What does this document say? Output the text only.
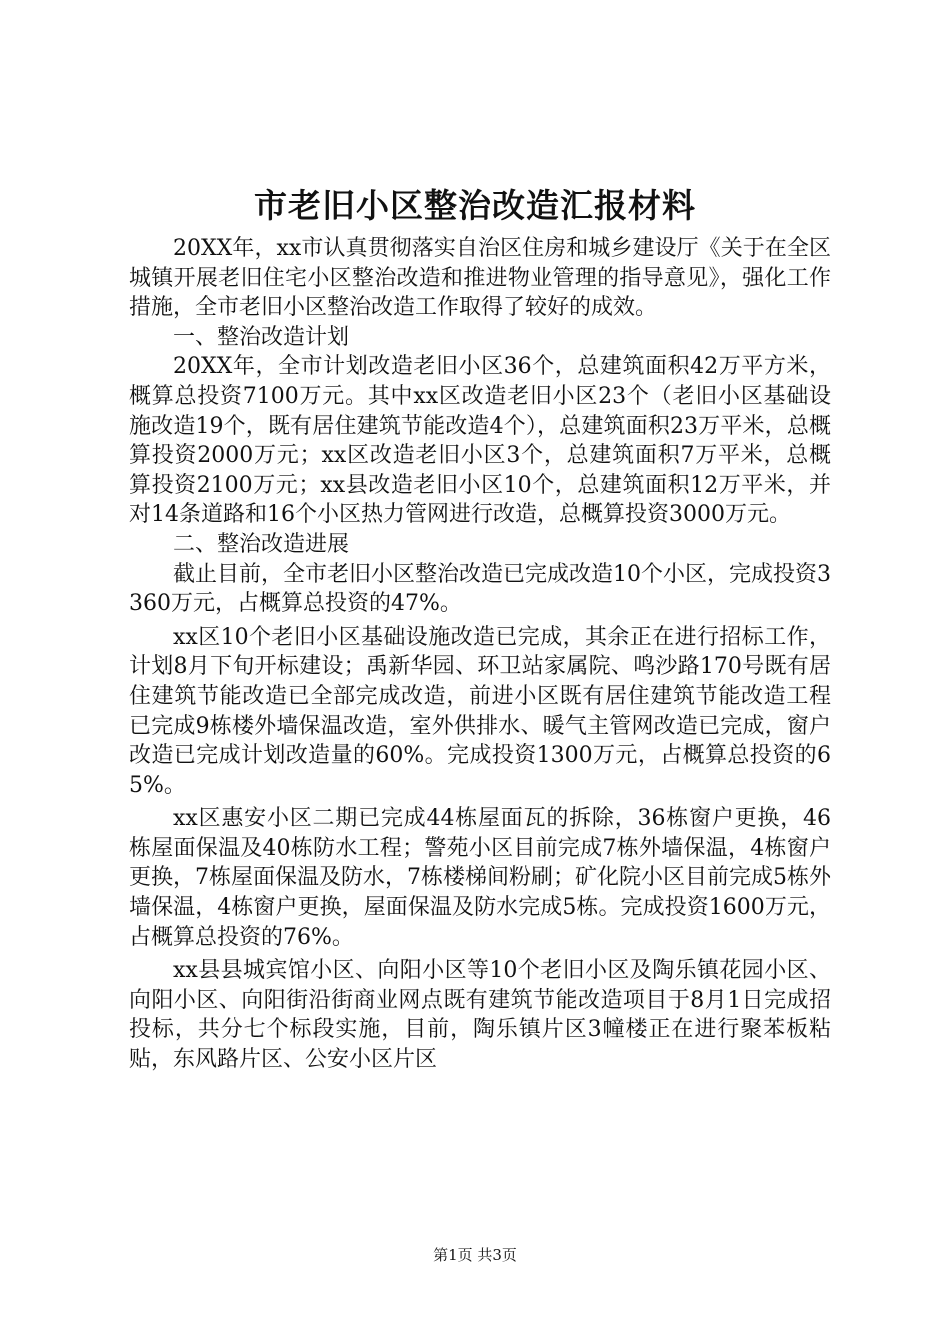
市老旧小区整治改造汇报材料

20XX年，xx市认真贯彻落实自治区住房和城乡建设厅《关于在全区城镇开展老旧住宅小区整治改造和推进物业管理的指导意见》，强化工作措施，全市老旧小区整治改造工作取得了较好的成效。

一、整治改造计划

20XX年，全市计划改造老旧小区36个，总建筑面积42万平方米，概算总投资7100万元。其中xx区改造老旧小区23个（老旧小区基础设施改造19个，既有居住建筑节能改造4个），总建筑面积23万平米，总概算投资2000万元；xx区改造老旧小区3个，总建筑面积7万平米，总概算投资2100万元；xx县改造老旧小区10个，总建筑面积12万平米，并对14条道路和16个小区热力管网进行改造，总概算投资3000万元。

二、整治改造进展

截止目前，全市老旧小区整治改造已完成改造10个小区，完成投资3360万元，占概算总投资的47%。

xx区10个老旧小区基础设施改造已完成，其余正在进行招标工作，计划8月下旬开标建设；禹新华园、环卫站家属院、鸣沙路170号既有居住建筑节能改造已全部完成改造，前进小区既有居住建筑节能改造工程已完成9栋楼外墙保温改造，室外供排水、暖气主管网改造已完成，窗户改造已完成计划改造量的60%。完成投资1300万元，占概算总投资的65%。

xx区惠安小区二期已完成44栋屋面瓦的拆除，36栋窗户更换，46栋屋面保温及40栋防水工程；警苑小区目前完成7栋外墙保温，4栋窗户更换，7栋屋面保温及防水，7栋楼梯间粉刷；矿化院小区目前完成5栋外墙保温，4栋窗户更换，屋面保温及防水完成5栋。完成投资1600万元，占概算总投资的76%。

xx县县城宾馆小区、向阳小区等10个老旧小区及陶乐镇花园小区、向阳小区、向阳街沿街商业网点既有建筑节能改造项目于8月1日完成招投标，共分七个标段实施，目前，陶乐镇片区3幢楼正在进行聚苯板粘贴，东风路片区、公安小区片区

第1页 共3页
